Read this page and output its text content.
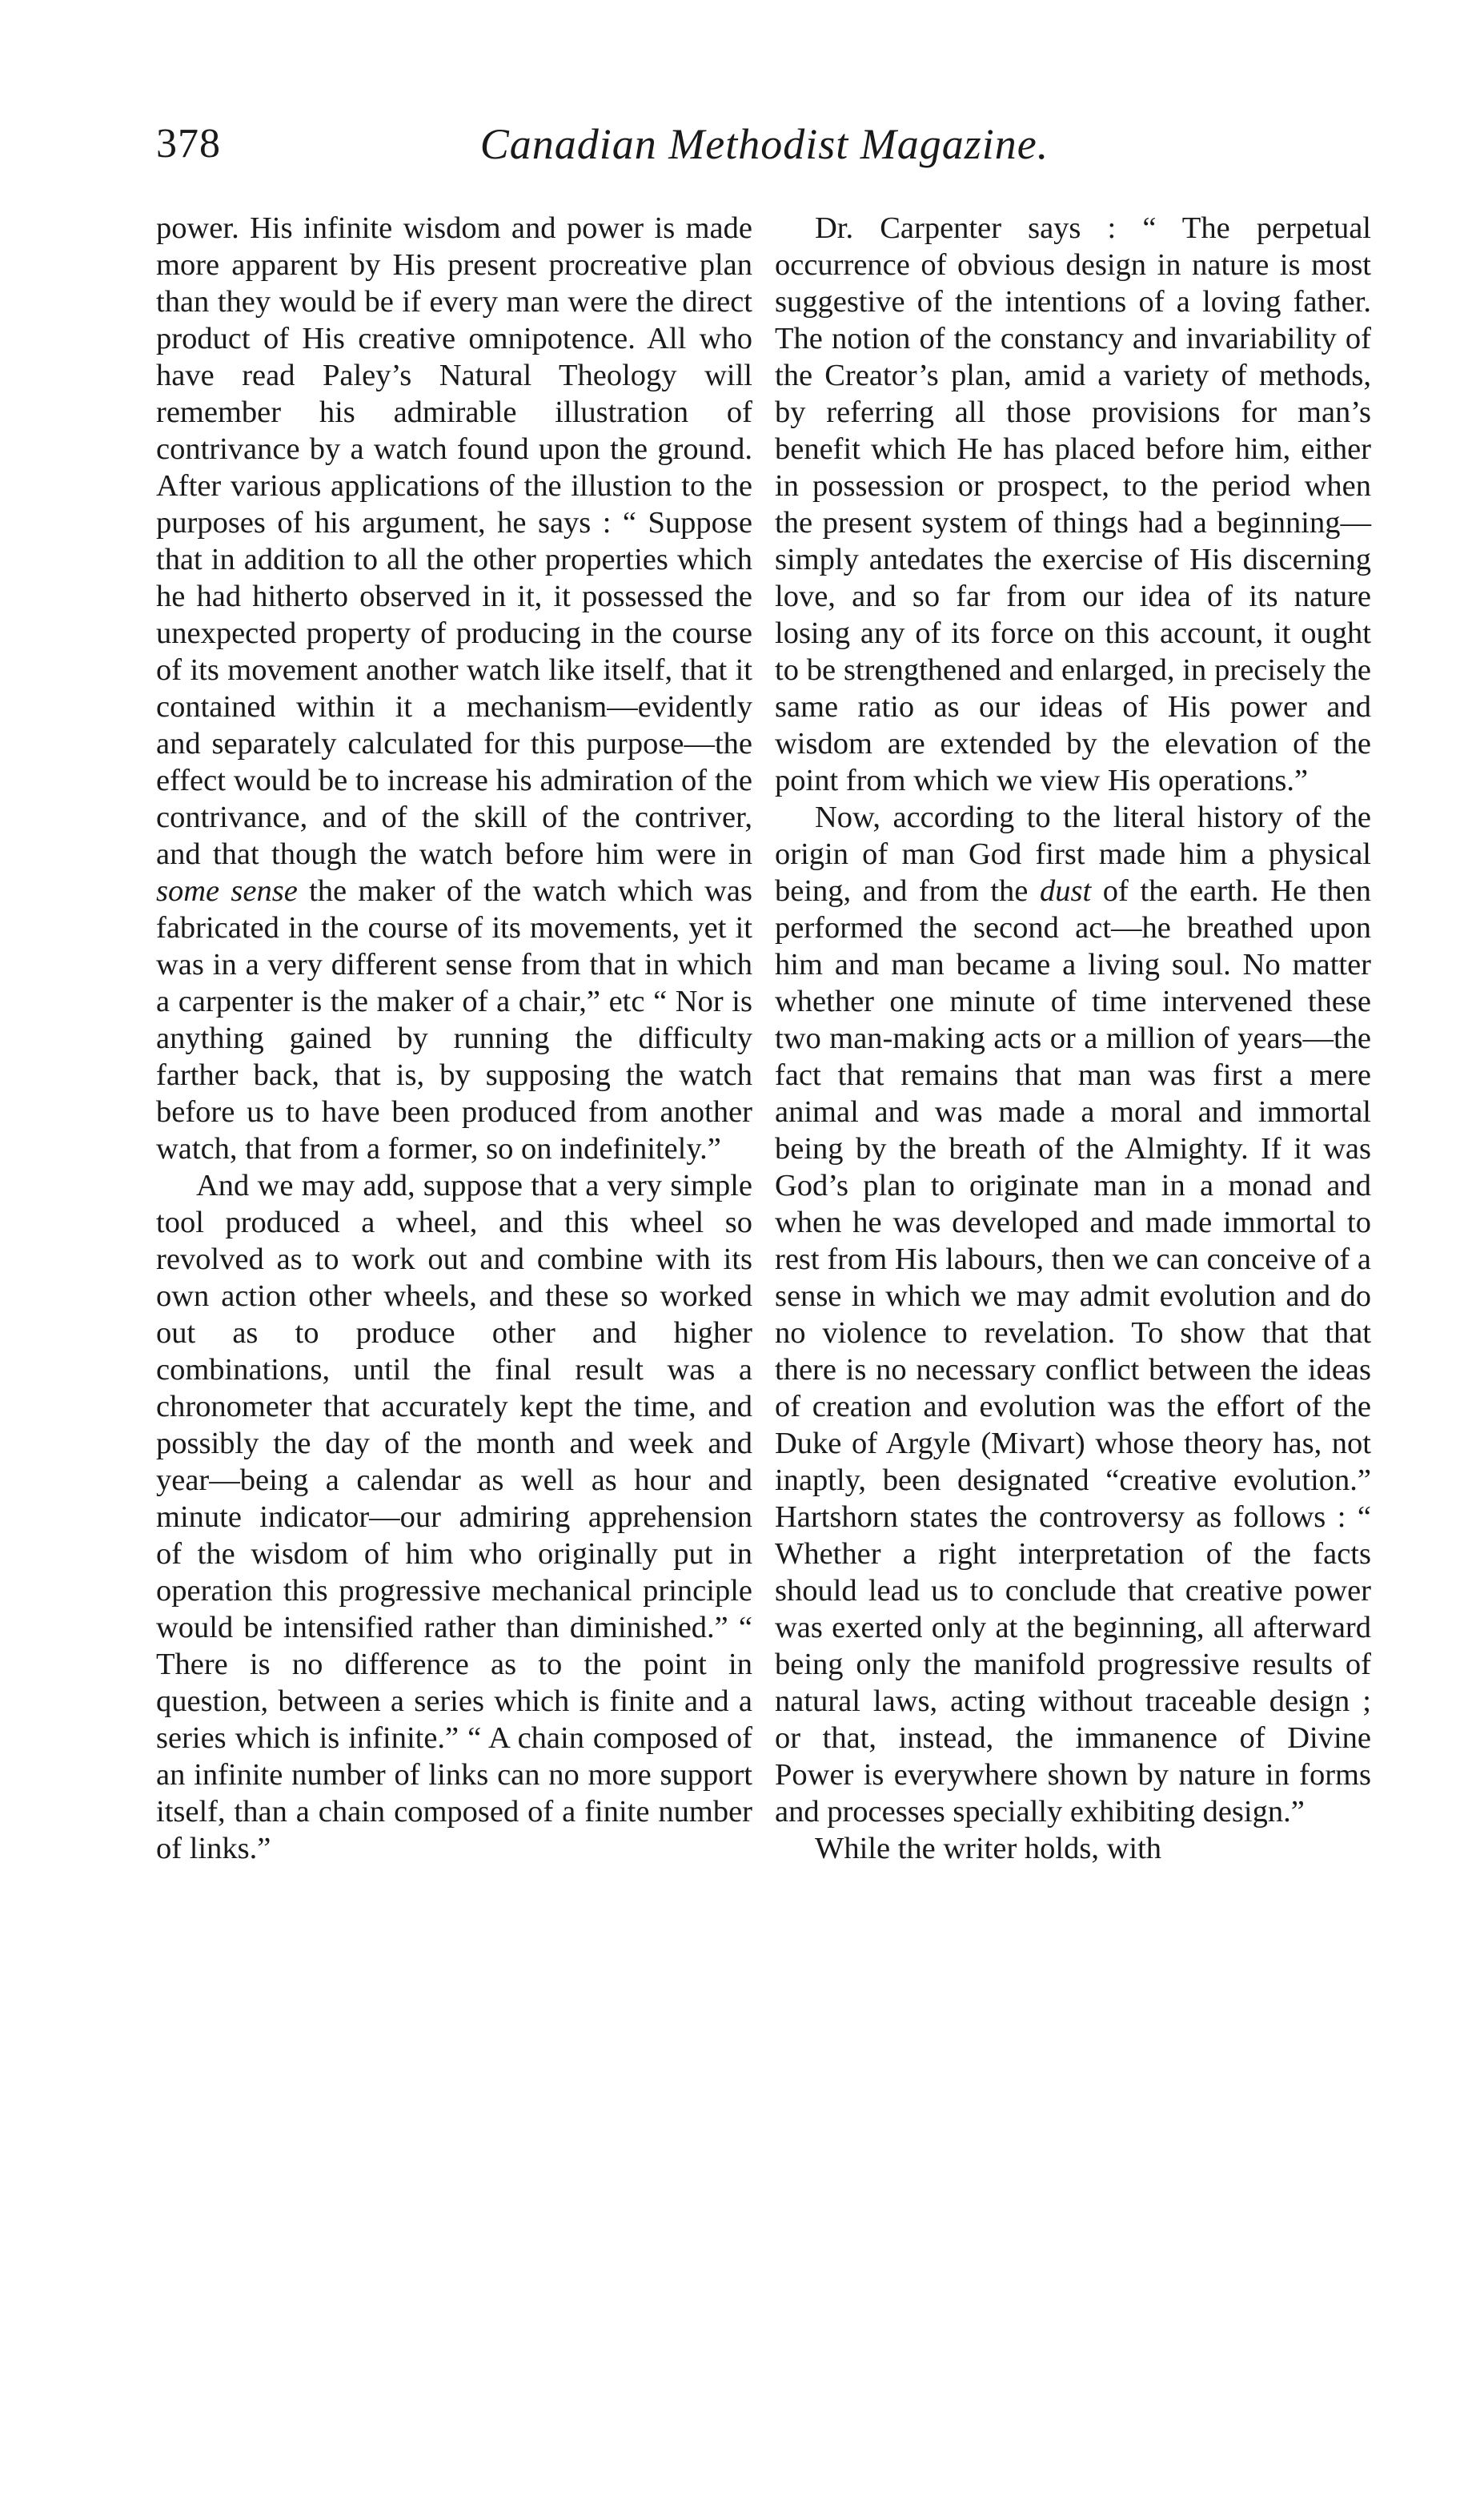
378	Canadian Methodist Magazine.

power. His infinite wisdom and power is made more apparent by His present procreative plan than they would be if every man were the direct product of His creative omnipotence. All who have read Paley’s Natural Theology will remember his admirable illustration of contrivance by a watch found upon the ground. After various applications of the illustion to the purposes of his argument, he says : “ Suppose that in addition to all the other properties which he had hitherto observed in it, it possessed the unexpected property of producing in the course of its movement another watch like itself, that it contained within it a mechanism—evidently and separately calculated for this purpose—the effect would be to increase his admiration of the contrivance, and of the skill of the contriver, and that though the watch before him were in some sense the maker of the watch which was fabricated in the course of its movements, yet it was in a very different sense from that in which a carpenter is the maker of a chair,” etc “ Nor is anything gained by running the difficulty farther back, that is, by supposing the watch before us to have been produced from another watch, that from a former, so on indefinitely.”

And we may add, suppose that a very simple tool produced a wheel, and this wheel so revolved as to work out and combine with its own action other wheels, and these so worked out as to produce other and higher combinations, until the final result was a chronometer that accurately kept the time, and possibly the day of the month and week and year—being a calendar as well as hour and minute indicator—our admiring apprehension of the wisdom of him who originally put in operation this progressive mechanical principle would be intensified rather than diminished.” “ There is no difference as to the point in question, between a series which is finite and a series which is infinite.” “ A chain composed of an infinite number of links can no more support itself, than a chain composed of a finite number of links.”

Dr. Carpenter says : “ The perpetual occurrence of obvious design in nature is most suggestive of the intentions of a loving father. The notion of the constancy and invariability of the Creator’s plan, amid a variety of methods, by referring all those provisions for man’s benefit which He has placed before him, either in possession or prospect, to the period when the present system of things had a beginning—simply antedates the exercise of His discerning love, and so far from our idea of its nature losing any of its force on this account, it ought to be strengthened and enlarged, in precisely the same ratio as our ideas of His power and wisdom are extended by the elevation of the point from which we view His operations.”

Now, according to the literal history of the origin of man God first made him a physical being, and from the dust of the earth. He then performed the second act—he breathed upon him and man became a living soul. No matter whether one minute of time intervened these two man-making acts or a million of years—the fact that remains that man was first a mere animal and was made a moral and immortal being by the breath of the Almighty. If it was God’s plan to originate man in a monad and when he was developed and made immortal to rest from His labours, then we can conceive of a sense in which we may admit evolution and do no violence to revelation. To show that that there is no necessary conflict between the ideas of creation and evolution was the effort of the Duke of Argyle (Mivart) whose theory has, not inaptly, been designated “creative evolution.” Hartshorn states the controversy as follows : “ Whether a right interpretation of the facts should lead us to conclude that creative power was exerted only at the beginning, all afterward being only the manifold progressive results of natural laws, acting without traceable design ; or that, instead, the immanence of Divine Power is everywhere shown by nature in forms and processes specially exhibiting design.”

While the writer holds, with
